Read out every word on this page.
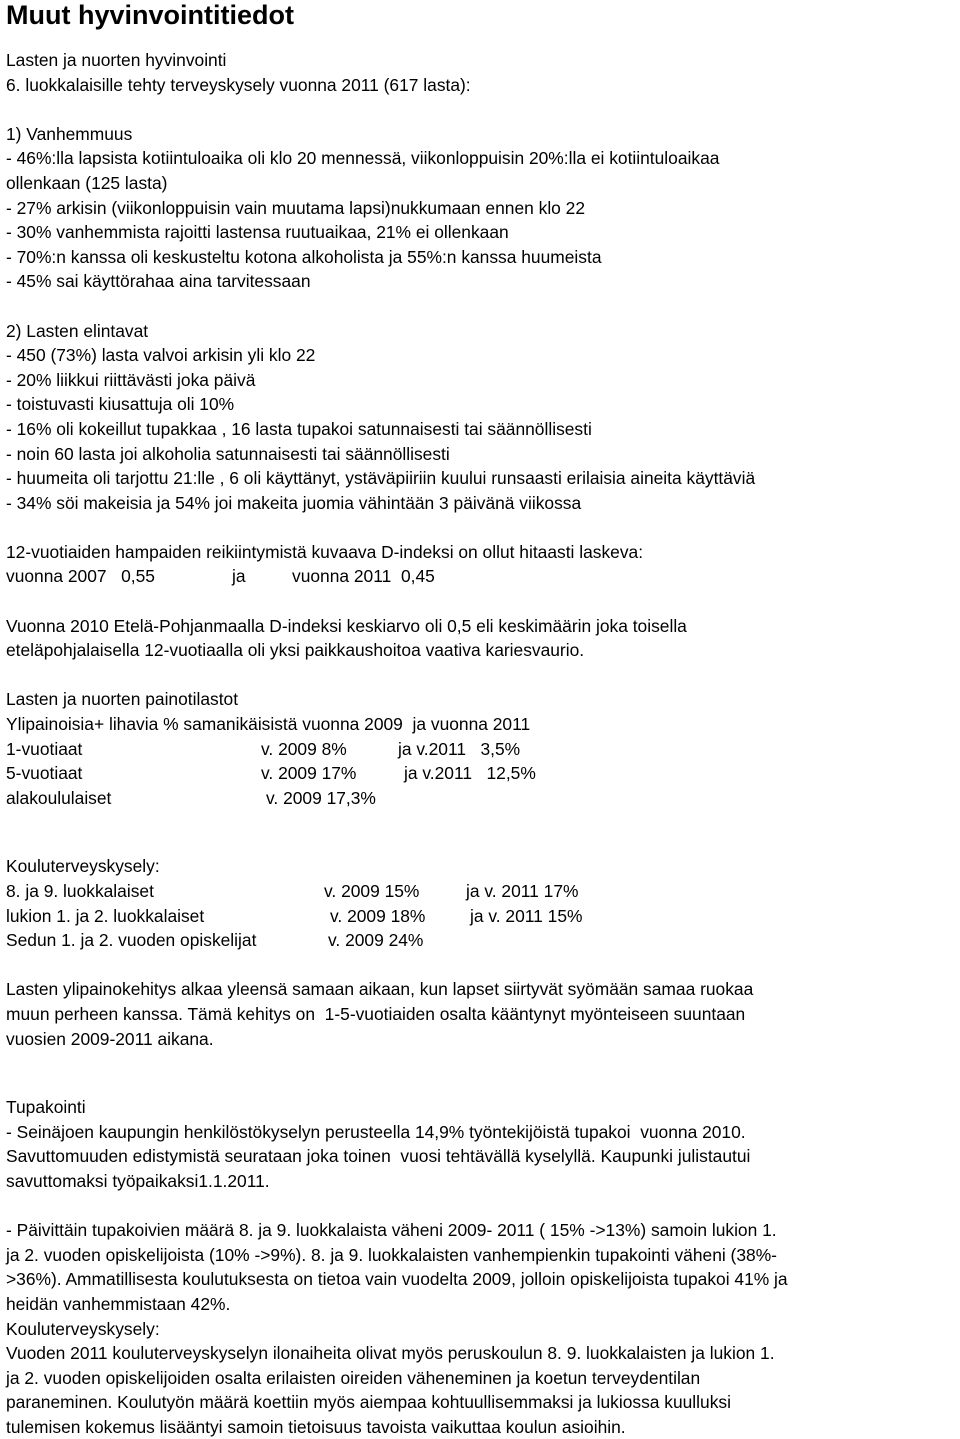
Muut hyvinvointitiedot
Lasten ja nuorten hyvinvointi
6. luokkalaisille tehty terveyskysely vuonna 2011 (617 lasta):
1) Vanhemmuus
- 46%:lla lapsista kotiintuloaika oli klo 20 mennessä, viikonloppuisin 20%:lla ei kotiintuloaikaa
ollenkaan (125 lasta)
- 27% arkisin (viikonloppuisin vain muutama lapsi)nukkumaan ennen klo 22
- 30% vanhemmista rajoitti lastensa ruutuaikaa, 21% ei ollenkaan
- 70%:n kanssa oli keskusteltu kotona alkoholista ja 55%:n kanssa huumeista
- 45% sai käyttörahaa aina tarvitessaan
2) Lasten elintavat
- 450 (73%) lasta valvoi arkisin yli klo 22
- 20% liikkui riittävästi joka päivä
- toistuvasti kiusattuja oli 10%
- 16% oli kokeillut tupakkaa , 16 lasta tupakoi satunnaisesti tai säännöllisesti
- noin 60 lasta joi alkoholia satunnaisesti tai säännöllisesti
- huumeita oli tarjottu 21:lle , 6 oli käyttänyt, ystäväpiiriin kuului runsaasti erilaisia aineita käyttäviä
- 34% söi makeisia ja 54% joi makeita juomia vähintään 3 päivänä viikossa
12-vuotiaiden hampaiden reikiintymistä kuvaava D-indeksi on ollut hitaasti laskeva:
vuonna 2007   0,55	ja	vuonna 2011  0,45
Vuonna 2010 Etelä-Pohjanmaalla D-indeksi keskiarvo oli 0,5 eli keskimäärin joka toisella
eteläpohjalaisella 12-vuotiaalla oli yksi paikkaushoitoa vaativa kariesvaurio.
Lasten ja nuorten painotilastot
Ylipainoisia+ lihavia % samanikäisistä vuonna 2009  ja vuonna 2011
1-vuotiaat	v. 2009 8%	ja v.2011   3,5%
5-vuotiaat	v. 2009 17%	ja v.2011   12,5%
alakoululaiset	v. 2009 17,3%
Kouluterveyskysely:
8. ja 9. luokkalaiset	v. 2009 15%	ja v. 2011 17%
lukion 1. ja 2. luokkalaiset	v. 2009 18%	ja v. 2011 15%
Sedun 1. ja 2. vuoden opiskelijat	v. 2009 24%
Lasten ylipainokehitys alkaa yleensä samaan aikaan, kun lapset siirtyvät syömään samaa ruokaa
muun perheen kanssa. Tämä kehitys on  1-5-vuotiaiden osalta kääntynyt myönteiseen suuntaan
vuosien 2009-2011 aikana.
Tupakointi
- Seinäjoen kaupungin henkilöstökyselyn perusteella 14,9% työntekijöistä tupakoi  vuonna 2010.
Savuttomuuden edistymistä seurataan joka toinen  vuosi tehtävällä kyselyllä. Kaupunki julistautui
savuttomaksi työpaikaksi1.1.2011.
- Päivittäin tupakoivien määrä 8. ja 9. luokkalaista väheni 2009- 2011 ( 15% ->13%) samoin lukion 1.
ja 2. vuoden opiskelijoista (10% ->9%). 8. ja 9. luokkalaisten vanhempienkin tupakointi väheni (38%-
>36%). Ammatillisesta koulutuksesta on tietoa vain vuodelta 2009, jolloin opiskelijoista tupakoi 41% ja
heidän vanhemmistaan 42%.
Kouluterveyskysely:
Vuoden 2011 kouluterveyskyselyn ilonaiheita olivat myös peruskoulun 8. 9. luokkalaisten ja lukion 1.
ja 2. vuoden opiskelijoiden osalta erilaisten oireiden väheneminen ja koetun terveydentilan
paraneminen. Koulutyön määrä koettiin myös aiempaa kohtuullisemmaksi ja lukiossa kuulluksi
tulemisen kokemus lisääntyi samoin tietoisuus tavoista vaikuttaa koulun asioihin.
